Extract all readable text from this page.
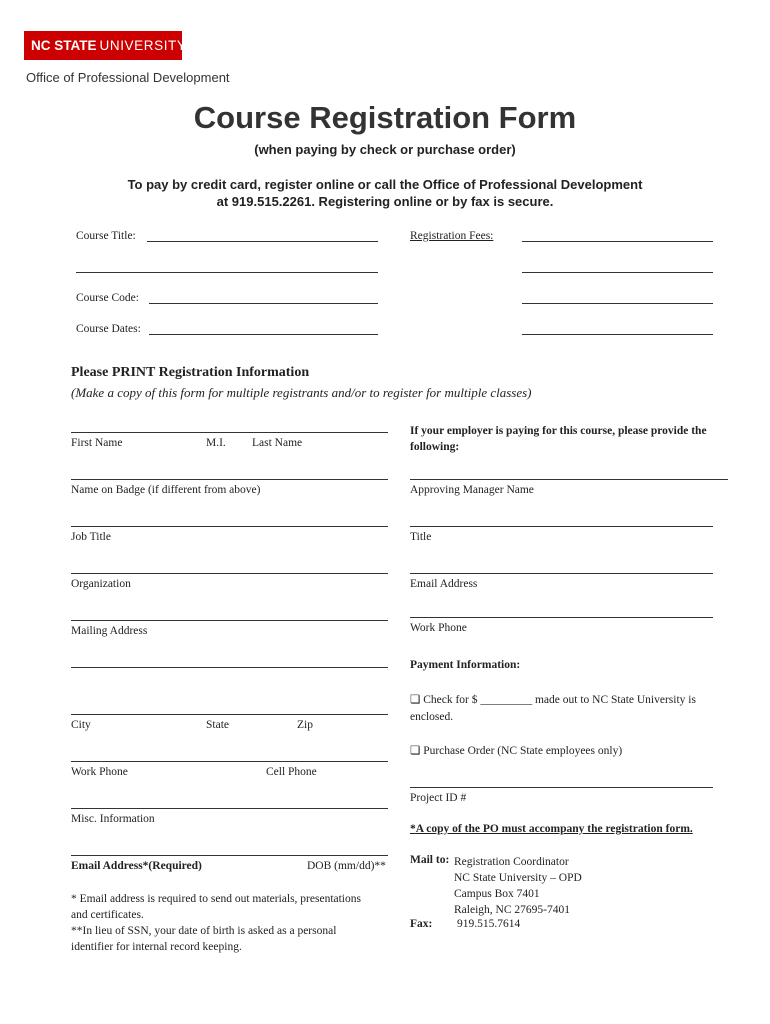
NC STATE UNIVERSITY
Office of Professional Development
Course Registration Form
(when paying by check or purchase order)
To pay by credit card, register online or call the Office of Professional Development
at 919.515.2261. Registering online or by fax is secure.
Course Title:
Course Code:
Course Dates:
Registration Fees:
Please PRINT Registration Information
(Make a copy of this form for multiple registrants and/or to register for multiple classes)
First Name	M.I. Last Name
Name on Badge (if different from above)
Job Title
Organization
Mailing Address
City	State	Zip
Work Phone	Cell Phone
Misc. Information
Email Address*(Required)	DOB (mm/dd)**
* Email address is required to send out materials, presentations
and certificates.
**In lieu of SSN, your date of birth is asked as a personal
identifier for internal record keeping.
If your employer is paying for this course, please provide the
following:
Approving Manager Name
Title
Email Address
Work Phone
Payment Information:
❏ Check for $ _________ made out to NC State University is
enclosed.
❏ Purchase Order (NC State employees only)
Project ID #
*A copy of the PO must accompany the registration form.
Mail to: Registration Coordinator
NC State University – OPD
Campus Box 7401
Raleigh, NC 27695-7401
Fax: 919.515.7614
